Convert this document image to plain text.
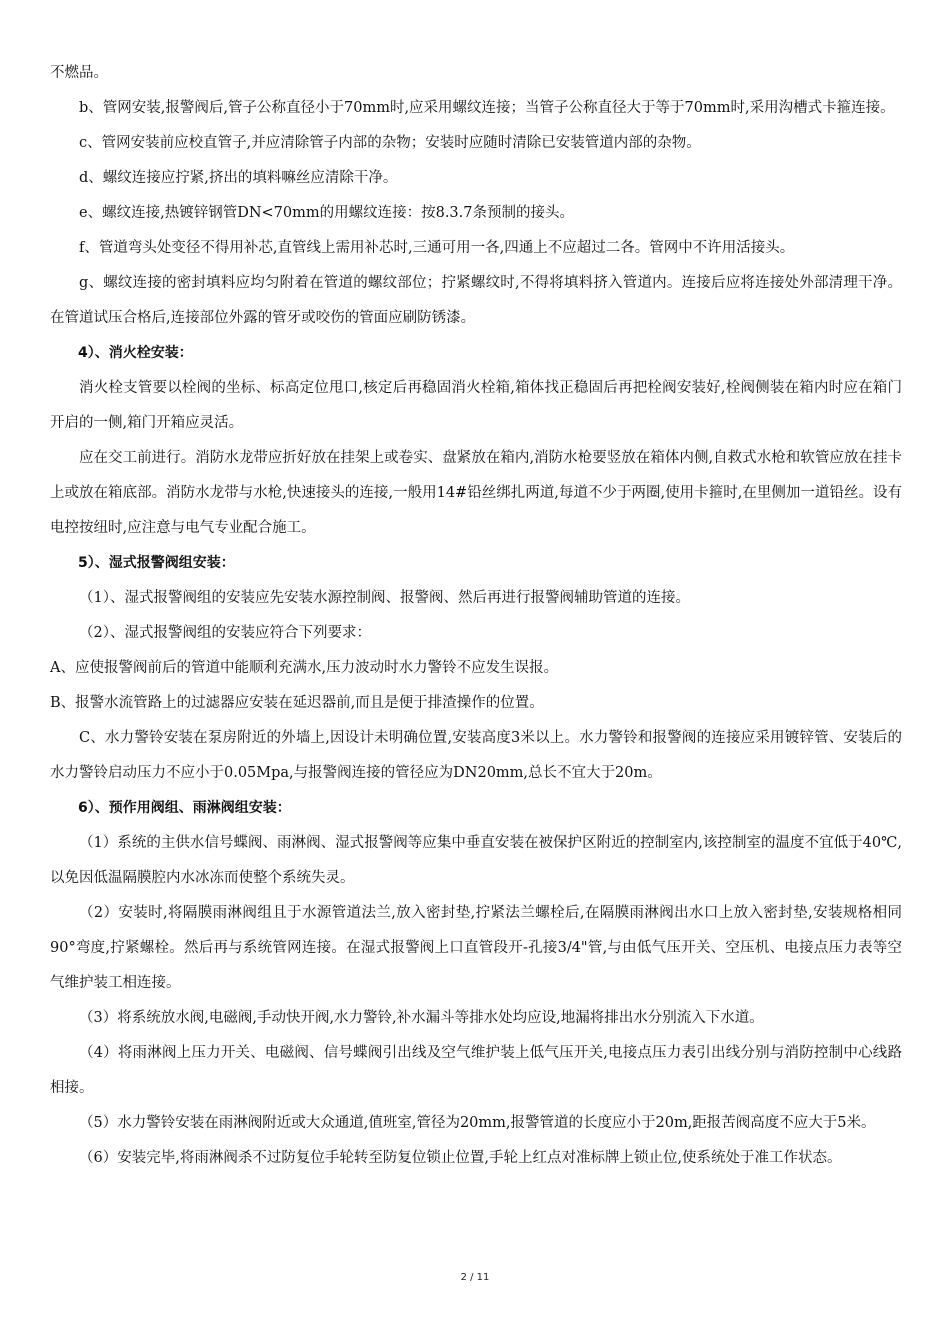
不燃品。

b、管网安装,报警阀后,管子公称直径小于70mm时,应采用螺纹连接；当管子公称直径大于等于70mm时,采用沟槽式卡箍连接。

c、管网安装前应校直管子,并应清除管子内部的杂物；安装时应随时清除已安装管道内部的杂物。

d、螺纹连接应拧紧,挤出的填料嘛丝应清除干净。

e、螺纹连接,热镀锌钢管DN<70mm的用螺纹连接：按8.3.7条预制的接头。

f、管道弯头处变径不得用补芯,直管线上需用补芯时,三通可用一各,四通上不应超过二各。管网中不许用活接头。

g、螺纹连接的密封填料应均匀附着在管道的螺纹部位；拧紧螺纹时,不得将填料挤入管道内。连接后应将连接处外部清理干净。在管道试压合格后,连接部位外露的管牙或咬伤的管面应刷防锈漆。

4）、消火栓安装：

消火栓支管要以栓阀的坐标、标高定位甩口,核定后再稳固消火栓箱,箱体找正稳固后再把栓阀安装好,栓阀侧装在箱内时应在箱门开启的一侧,箱门开箱应灵活。

应在交工前进行。消防水龙带应折好放在挂架上或卷实、盘紧放在箱内,消防水枪要竖放在箱体内侧,自救式水枪和软管应放在挂卡上或放在箱底部。消防水龙带与水枪,快速接头的连接,一般用14#铅丝绑扎两道,每道不少于两圈,使用卡箍时,在里侧加一道铅丝。设有电控按纽时,应注意与电气专业配合施工。

5）、湿式报警阀组安装：

（1）、湿式报警阀组的安装应先安装水源控制阀、报警阀、然后再进行报警阀辅助管道的连接。

（2）、湿式报警阀组的安装应符合下列要求：

A、应使报警阀前后的管道中能顺利充满水,压力波动时水力警铃不应发生误报。

B、报警水流管路上的过滤器应安装在延迟器前,而且是便于排渣操作的位置。

C、水力警铃安装在泵房附近的外墙上,因设计未明确位置,安装高度3米以上。水力警铃和报警阀的连接应采用镀锌管、安装后的水力警铃启动压力不应小于0.05Mpa,与报警阀连接的管径应为DN20mm,总长不宜大于20m。

6）、预作用阀组、雨淋阀组安装：

（1）系统的主供水信号蝶阀、雨淋阀、湿式报警阀等应集中垂直安装在被保护区附近的控制室内,该控制室的温度不宜低于40℃,以免因低温隔膜腔内水冰冻而使整个系统失灵。

（2）安装时,将隔膜雨淋阀组且于水源管道法兰,放入密封垫,拧紧法兰螺栓后,在隔膜雨淋阀出水口上放入密封垫,安装规格相同90°弯度,拧紧螺栓。然后再与系统管网连接。在湿式报警阀上口直管段开-孔接3/4"管,与由低气压开关、空压机、电接点压力表等空气维护装工相连接。

（3）将系统放水阀,电磁阀,手动快开阀,水力警铃,补水漏斗等排水处均应设,地漏将排出水分别流入下水道。

（4）将雨淋阀上压力开关、电磁阀、信号蝶阀引出线及空气维护装上低气压开关,电接点压力表引出线分别与消防控制中心线路相接。

（5）水力警铃安装在雨淋阀附近或大众通道,值班室,管径为20mm,报警管道的长度应小于20m,距报苦阀高度不应大于5米。

（6）安装完毕,将雨淋阀杀不过防复位手轮转至防复位锁止位置,手轮上红点对准标牌上锁止位,使系统处于准工作状态。

2 / 11
